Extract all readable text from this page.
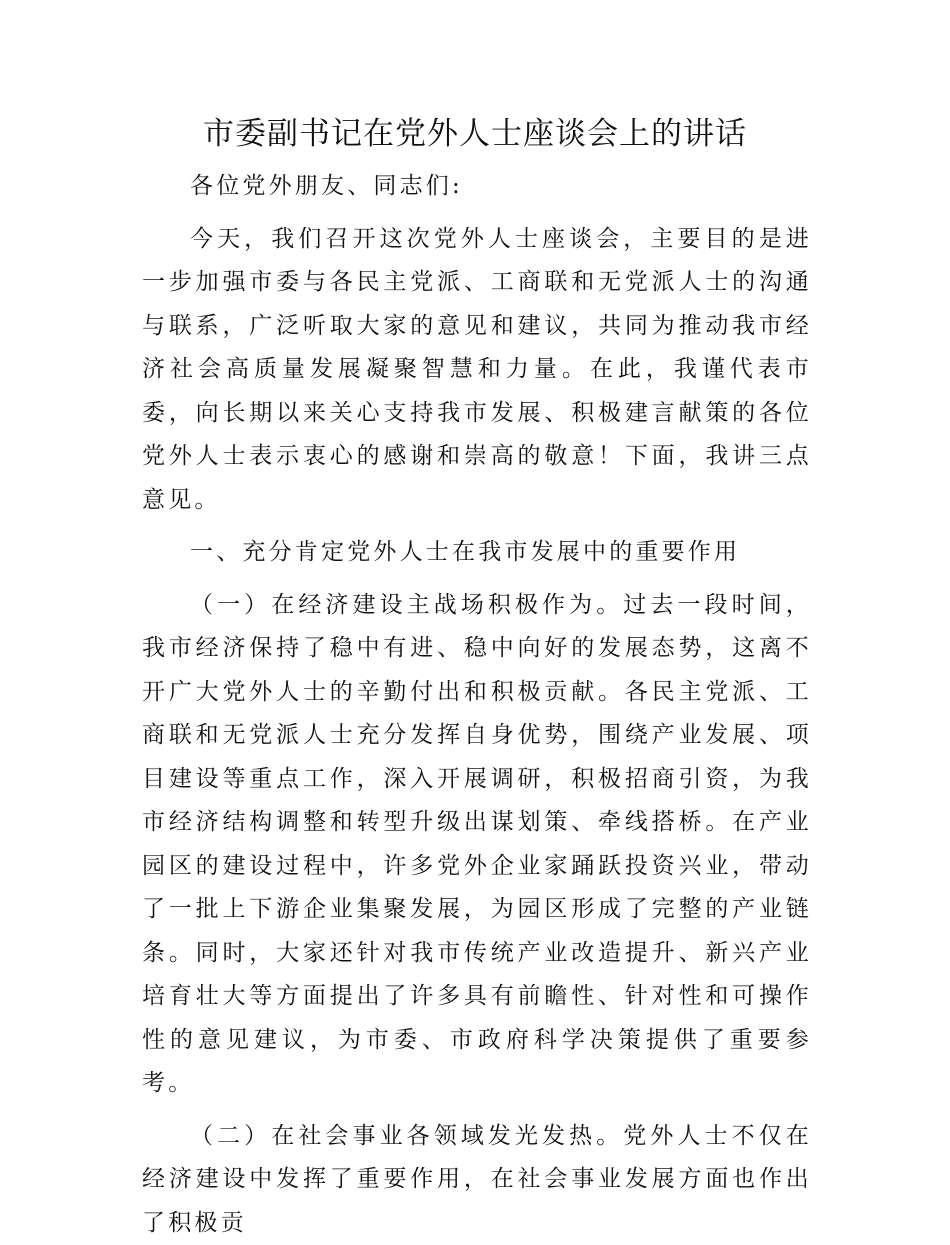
市委副书记在党外人士座谈会上的讲话

各位党外朋友、同志们:

今天，我们召开这次党外人士座谈会，主要目的是进一步加强市委与各民主党派、工商联和无党派人士的沟通与联系，广泛听取大家的意见和建议，共同为推动我市经济社会高质量发展凝聚智慧和力量。在此，我谨代表市委，向长期以来关心支持我市发展、积极建言献策的各位党外人士表示衷心的感谢和崇高的敬意！下面，我讲三点意见。

一、充分肯定党外人士在我市发展中的重要作用

（一）在经济建设主战场积极作为。过去一段时间，我市经济保持了稳中有进、稳中向好的发展态势，这离不开广大党外人士的辛勤付出和积极贡献。各民主党派、工商联和无党派人士充分发挥自身优势，围绕产业发展、项目建设等重点工作，深入开展调研，积极招商引资，为我市经济结构调整和转型升级出谋划策、牵线搭桥。在产业园区的建设过程中，许多党外企业家踊跃投资兴业，带动了一批上下游企业集聚发展，为园区形成了完整的产业链条。同时，大家还针对我市传统产业改造提升、新兴产业培育壮大等方面提出了许多具有前瞻性、针对性和可操作性的意见建议，为市委、市政府科学决策提供了重要参考。

（二）在社会事业各领域发光发热。党外人士不仅在经济建设中发挥了重要作用，在社会事业发展方面也作出了积极贡
